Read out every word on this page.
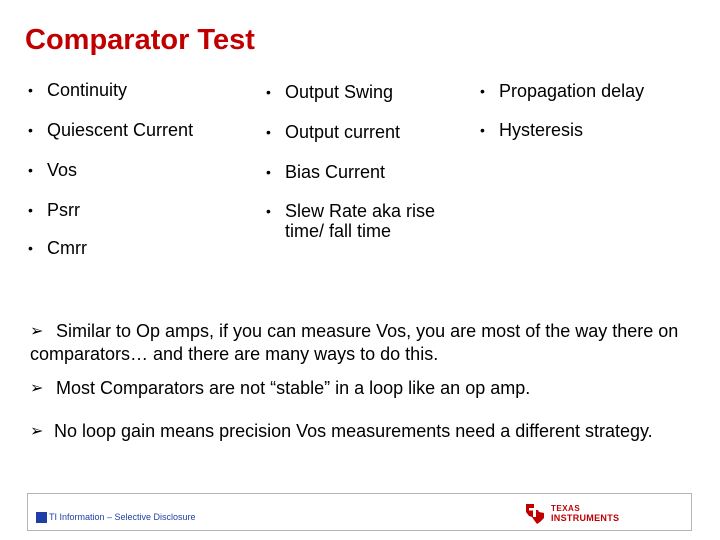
Comparator Test
• Continuity
• Quiescent Current
• Vos
• Psrr
• Cmrr
• Output Swing
• Output current
• Bias Current
• Slew Rate aka rise time/ fall time
• Propagation delay
• Hysteresis
➢ Similar to Op amps, if you can measure Vos, you are most of the way there on comparators… and there are many ways to do this.
➢ Most Comparators are not “stable” in a loop like an op amp.
➢ No loop gain means precision Vos measurements need a different strategy.
TI Information – Selective Disclosure
TEXAS
INSTRUMENTS
